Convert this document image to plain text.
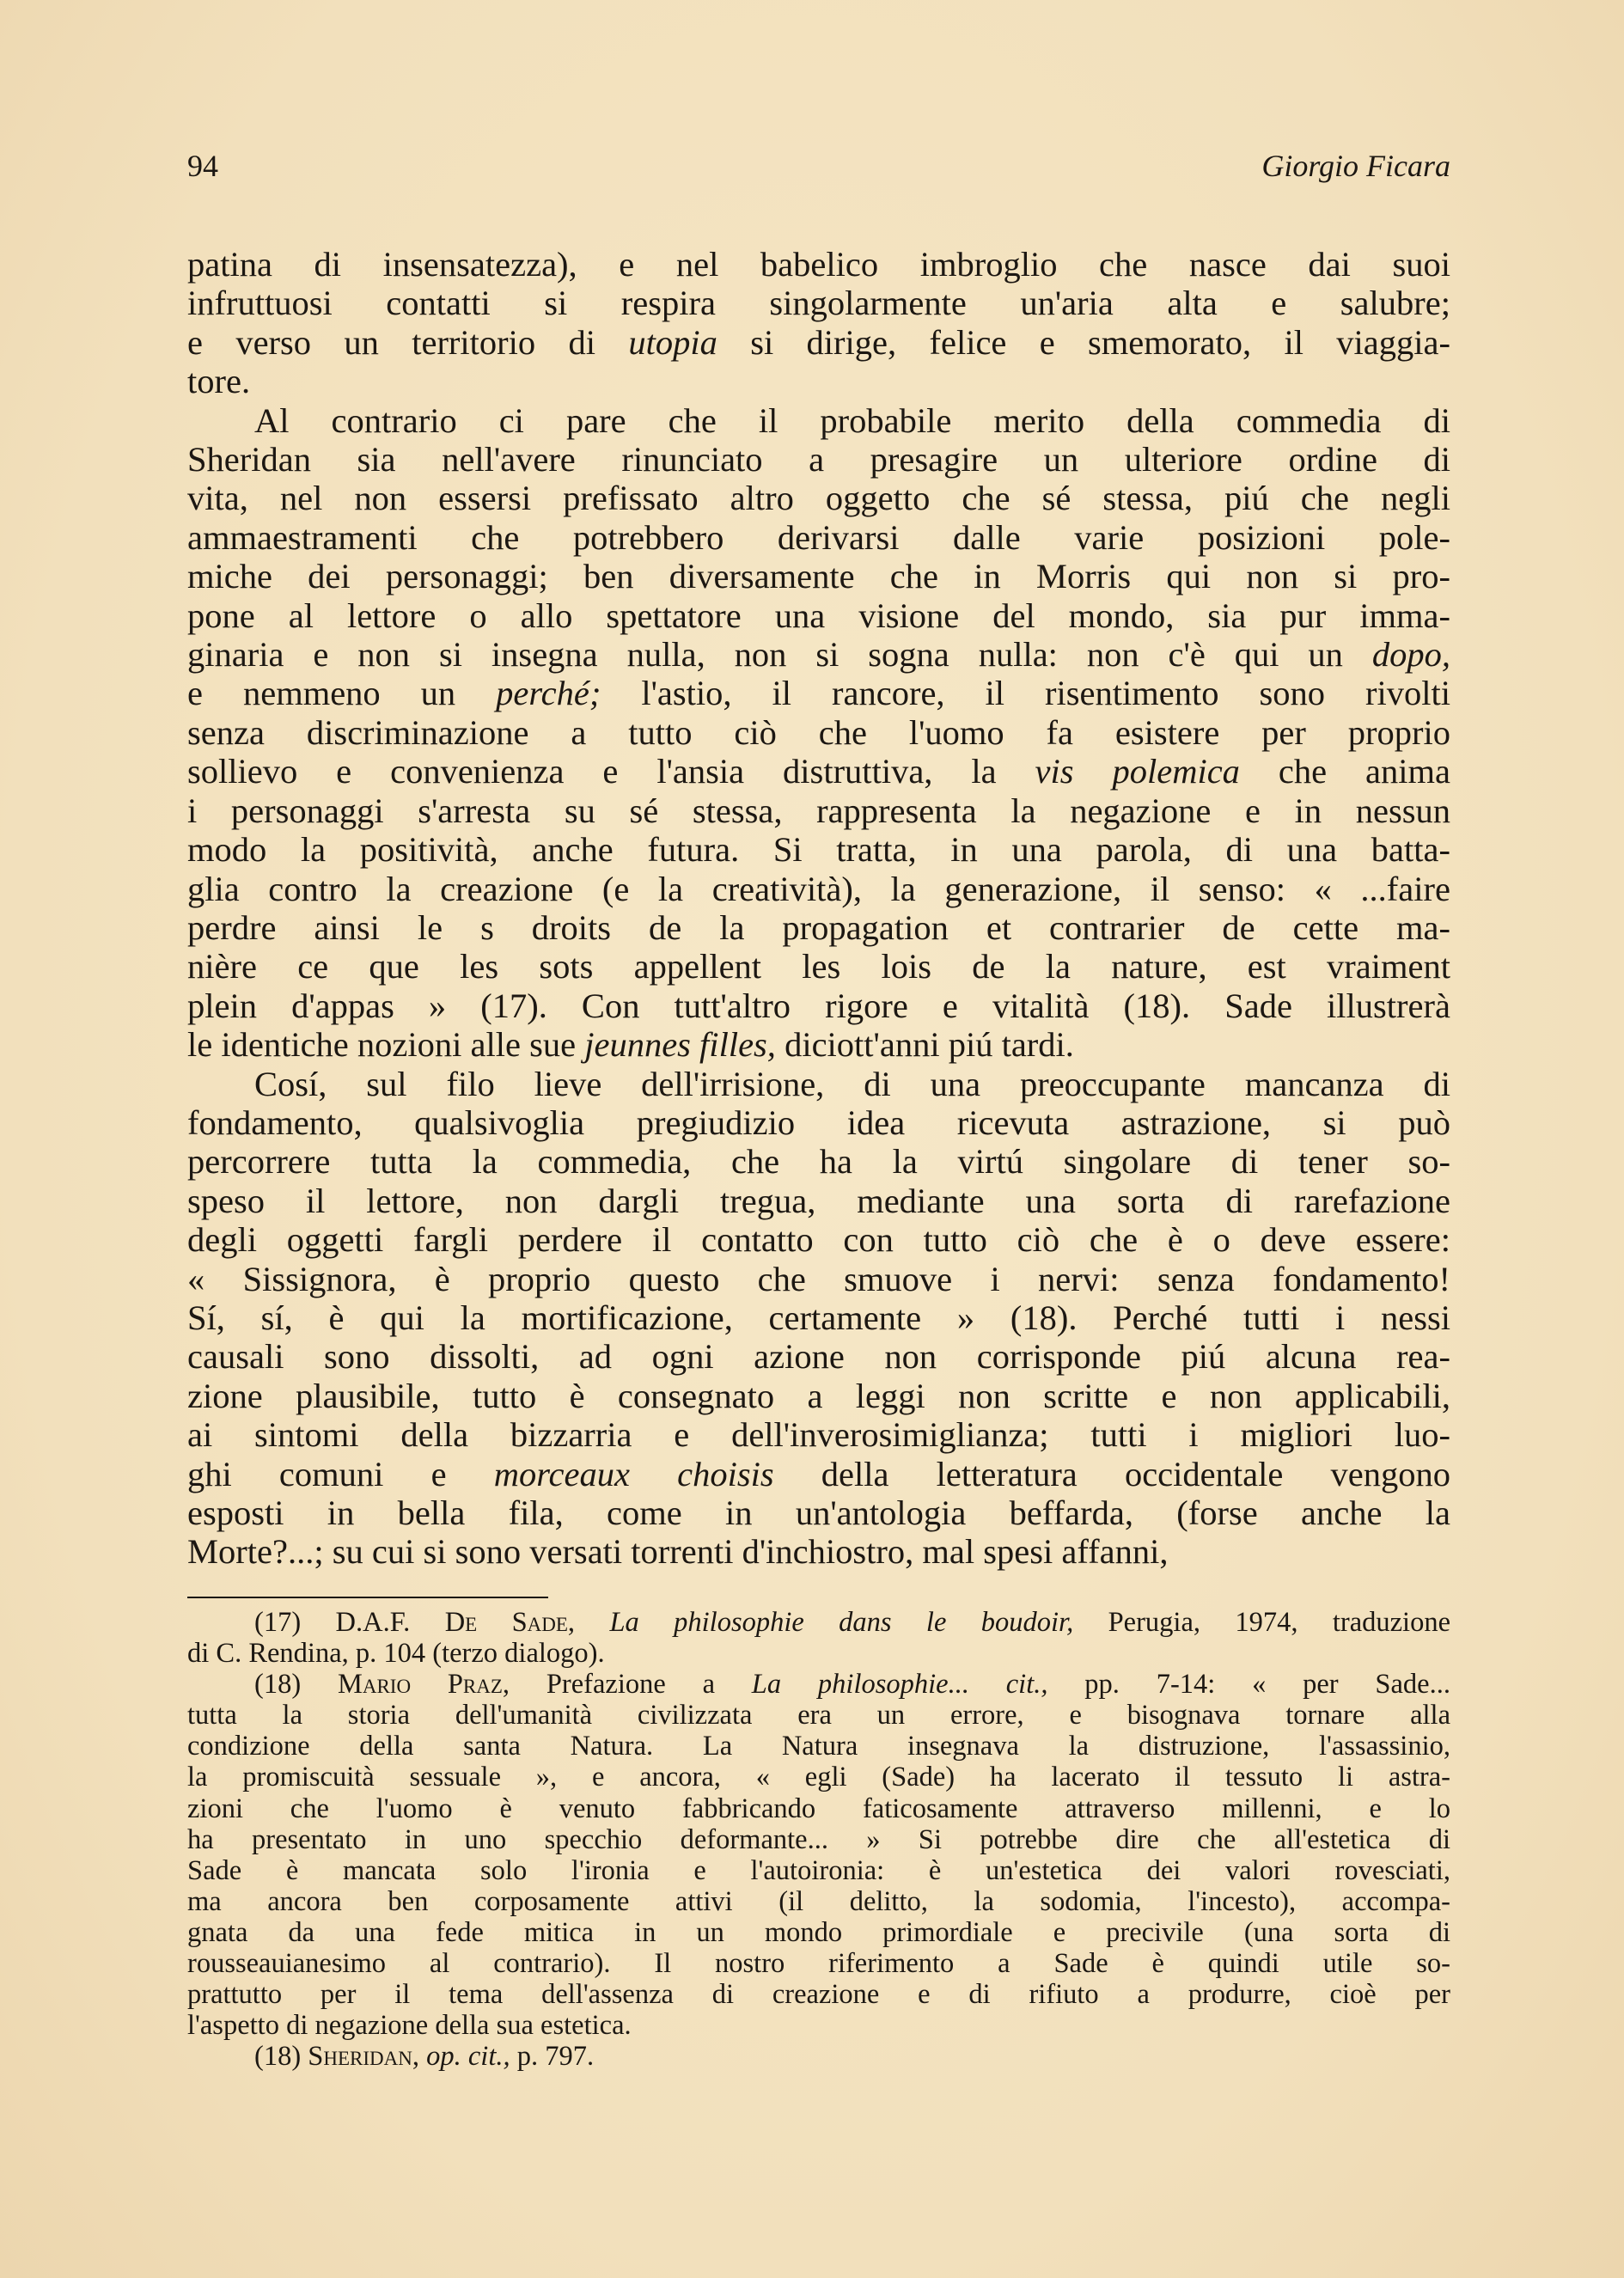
94	Giorgio Ficara
patina di insensatezza), e nel babelico imbroglio che nasce dai suoi
infruttuosi contatti si respira singolarmente un'aria alta e salubre;
e verso un territorio di utopia si dirige, felice e smemorato, il viaggia-
tore.
Al contrario ci pare che il probabile merito della commedia di
Sheridan sia nell'avere rinunciato a presagire un ulteriore ordine di
vita, nel non essersi prefissato altro oggetto che sé stessa, piú che negli
ammaestramenti che potrebbero derivarsi dalle varie posizioni pole-
miche dei personaggi; ben diversamente che in Morris qui non si pro-
pone al lettore o allo spettatore una visione del mondo, sia pur imma-
ginaria e non si insegna nulla, non si sogna nulla: non c'è qui un dopo,
e nemmeno un perché; l'astio, il rancore, il risentimento sono rivolti
senza discriminazione a tutto ciò che l'uomo fa esistere per proprio
sollievo e convenienza e l'ansia distruttiva, la vis polemica che anima
i personaggi s'arresta su sé stessa, rappresenta la negazione e in nessun
modo la positività, anche futura. Si tratta, in una parola, di una batta-
glia contro la creazione (e la creatività), la generazione, il senso: « ...faire
perdre ainsi le s droits de la propagation et contrarier de cette ma-
nière ce que les sots appellent les lois de la nature, est vraiment
plein d'appas » (17). Con tutt'altro rigore e vitalità (18). Sade illustrerà
le identiche nozioni alle sue jeunnes filles, diciott'anni piú tardi.
Cosí, sul filo lieve dell'irrisione, di una preoccupante mancanza di
fondamento, qualsivoglia pregiudizio idea ricevuta astrazione, si può
percorrere tutta la commedia, che ha la virtú singolare di tener so-
speso il lettore, non dargli tregua, mediante una sorta di rarefazione
degli oggetti fargli perdere il contatto con tutto ciò che è o deve essere:
« Sissignora, è proprio questo che smuove i nervi: senza fondamento!
Sí, sí, è qui la mortificazione, certamente » (18). Perché tutti i nessi
causali sono dissolti, ad ogni azione non corrisponde piú alcuna rea-
zione plausibile, tutto è consegnato a leggi non scritte e non applicabili,
ai sintomi della bizzarria e dell'inverosimiglianza; tutti i migliori luo-
ghi comuni e morceaux choisis della letteratura occidentale vengono
esposti in bella fila, come in un'antologia beffarda, (forse anche la
Morte?...; su cui si sono versati torrenti d'inchiostro, mal spesi affanni,
(17) D.A.F. De Sade, La philosophie dans le boudoir, Perugia, 1974, traduzione
di C. Rendina, p. 104 (terzo dialogo).
(18) Mario Praz, Prefazione a La philosophie... cit., pp. 7-14: « per Sade...
tutta la storia dell'umanità civilizzata era un errore, e bisognava tornare alla
condizione della santa Natura. La Natura insegnava la distruzione, l'assassinio,
la promiscuità sessuale », e ancora, « egli (Sade) ha lacerato il tessuto li astra-
zioni che l'uomo è venuto fabbricando faticosamente attraverso millenni, e lo
ha presentato in uno specchio deformante... » Si potrebbe dire che all'estetica di
Sade è mancata solo l'ironia e l'autoironia: è un'estetica dei valori rovesciati,
ma ancora ben corposamente attivi (il delitto, la sodomia, l'incesto), accompa-
gnata da una fede mitica in un mondo primordiale e precivile (una sorta di
rousseauianesimo al contrario). Il nostro riferimento a Sade è quindi utile so-
prattutto per il tema dell'assenza di creazione e di rifiuto a produrre, cioè per
l'aspetto di negazione della sua estetica.
(18) Sheridan, op. cit., p. 797.
